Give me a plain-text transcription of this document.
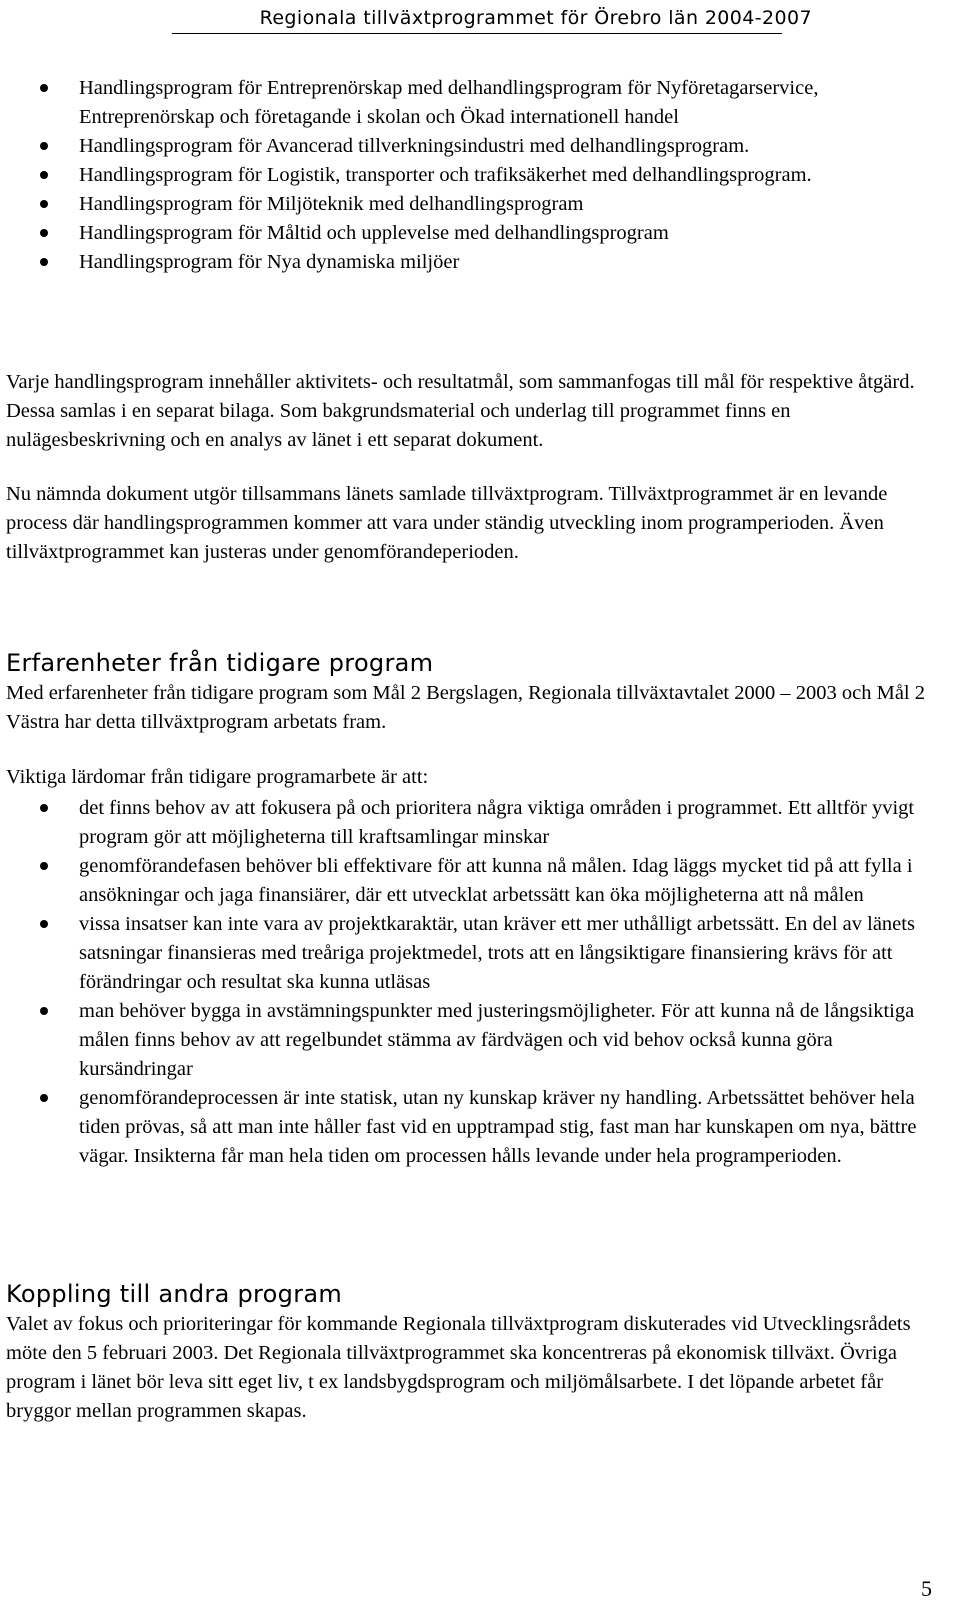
Regionala tillväxtprogrammet för Örebro län 2004-2007
Handlingsprogram för Entreprenörskap med delhandlingsprogram för Nyföretagarservice, Entreprenörskap och företagande i skolan och Ökad internationell handel
Handlingsprogram för Avancerad tillverkningsindustri med delhandlingsprogram.
Handlingsprogram för Logistik, transporter och trafiksäkerhet med delhandlingsprogram.
Handlingsprogram för Miljöteknik med delhandlingsprogram
Handlingsprogram för Måltid och upplevelse med delhandlingsprogram
Handlingsprogram för Nya dynamiska miljöer

Varje handlingsprogram innehåller aktivitets- och resultatmål, som sammanfogas till mål för respektive åtgärd. Dessa samlas i en separat bilaga. Som bakgrundsmaterial och underlag till programmet finns en nulägesbeskrivning och en analys av länet i ett separat dokument.

Nu nämnda dokument utgör tillsammans länets samlade tillväxtprogram. Tillväxtprogrammet är en levande process där handlingsprogrammen kommer att vara under ständig utveckling inom programperioden. Även tillväxtprogrammet kan justeras under genomförandeperioden.

Erfarenheter från tidigare program

Med erfarenheter från tidigare program som Mål 2 Bergslagen, Regionala tillväxtavtalet 2000 – 2003 och Mål 2 Västra har detta tillväxtprogram arbetats fram.

Viktiga lärdomar från tidigare programarbete är att:

det finns behov av att fokusera på och prioritera några viktiga områden i programmet. Ett alltför yvigt program gör att möjligheterna till kraftsamlingar minskar
genomförandefasen behöver bli effektivare för att kunna nå målen. Idag läggs mycket tid på att fylla i ansökningar och jaga finansiärer, där ett utvecklat arbetssätt kan öka möjligheterna att nå målen
vissa insatser kan inte vara av projektkaraktär, utan kräver ett mer uthålligt arbetssätt. En del av länets satsningar finansieras med treåriga projektmedel, trots att en långsiktigare finansiering krävs för att förändringar och resultat ska kunna utläsas
man behöver bygga in avstämningspunkter med justeringsmöjligheter. För att kunna nå de långsiktiga målen finns behov av att regelbundet stämma av färdvägen och vid behov också kunna göra kursändringar
genomförandeprocessen är inte statisk, utan ny kunskap kräver ny handling. Arbetssättet behöver hela tiden prövas, så att man inte håller fast vid en upptrampad stig, fast man har kunskapen om nya, bättre vägar. Insikterna får man hela tiden om processen hålls levande under hela programperioden.
Koppling till andra program

Valet av fokus och prioriteringar för kommande Regionala tillväxtprogram diskuterades vid Utvecklingsrådets möte den 5 februari 2003. Det Regionala tillväxtprogrammet ska koncentreras på ekonomisk tillväxt. Övriga program i länet bör leva sitt eget liv, t ex landsbygdsprogram och miljömålsarbete. I det löpande arbetet får bryggor mellan programmen skapas.

5
